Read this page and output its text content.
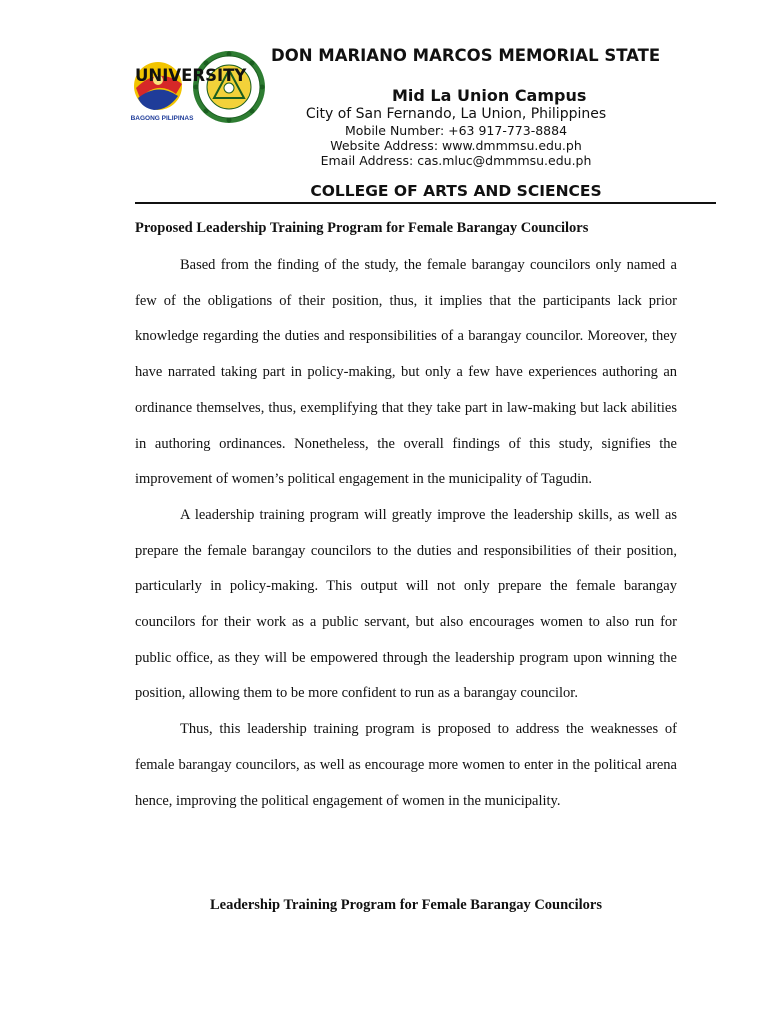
BAGONG PILIPINAS
DON MARIANO MARCOS MEMORIAL STATE
UNIVERSITY
Mid La Union Campus
City of San Fernando, La Union, Philippines
Mobile Number: +63 917-773-8884
Website Address: www.dmmmsu.edu.ph
Email Address: cas.mluc@dmmmsu.edu.ph
COLLEGE OF ARTS AND SCIENCES

Proposed Leadership Training Program for Female Barangay Councilors

Based from the finding of the study, the female barangay councilors only named a few of the obligations of their position, thus, it implies that the participants lack prior knowledge regarding the duties and responsibilities of a barangay councilor. Moreover, they have narrated taking part in policy-making, but only a few have experiences authoring an ordinance themselves, thus, exemplifying that they take part in law-making but lack abilities in authoring ordinances. Nonetheless, the overall findings of this study, signifies the improvement of women’s political engagement in the municipality of Tagudin.

A leadership training program will greatly improve the leadership skills, as well as prepare the female barangay councilors to the duties and responsibilities of their position, particularly in policy-making. This output will not only prepare the female barangay councilors for their work as a public servant, but also encourages women to also run for public office, as they will be empowered through the leadership program upon winning the position, allowing them to be more confident to run as a barangay councilor.

Thus, this leadership training program is proposed to address the weaknesses of female barangay councilors, as well as encourage more women to enter in the political arena hence, improving the political engagement of women in the municipality.

Leadership Training Program for Female Barangay Councilors
